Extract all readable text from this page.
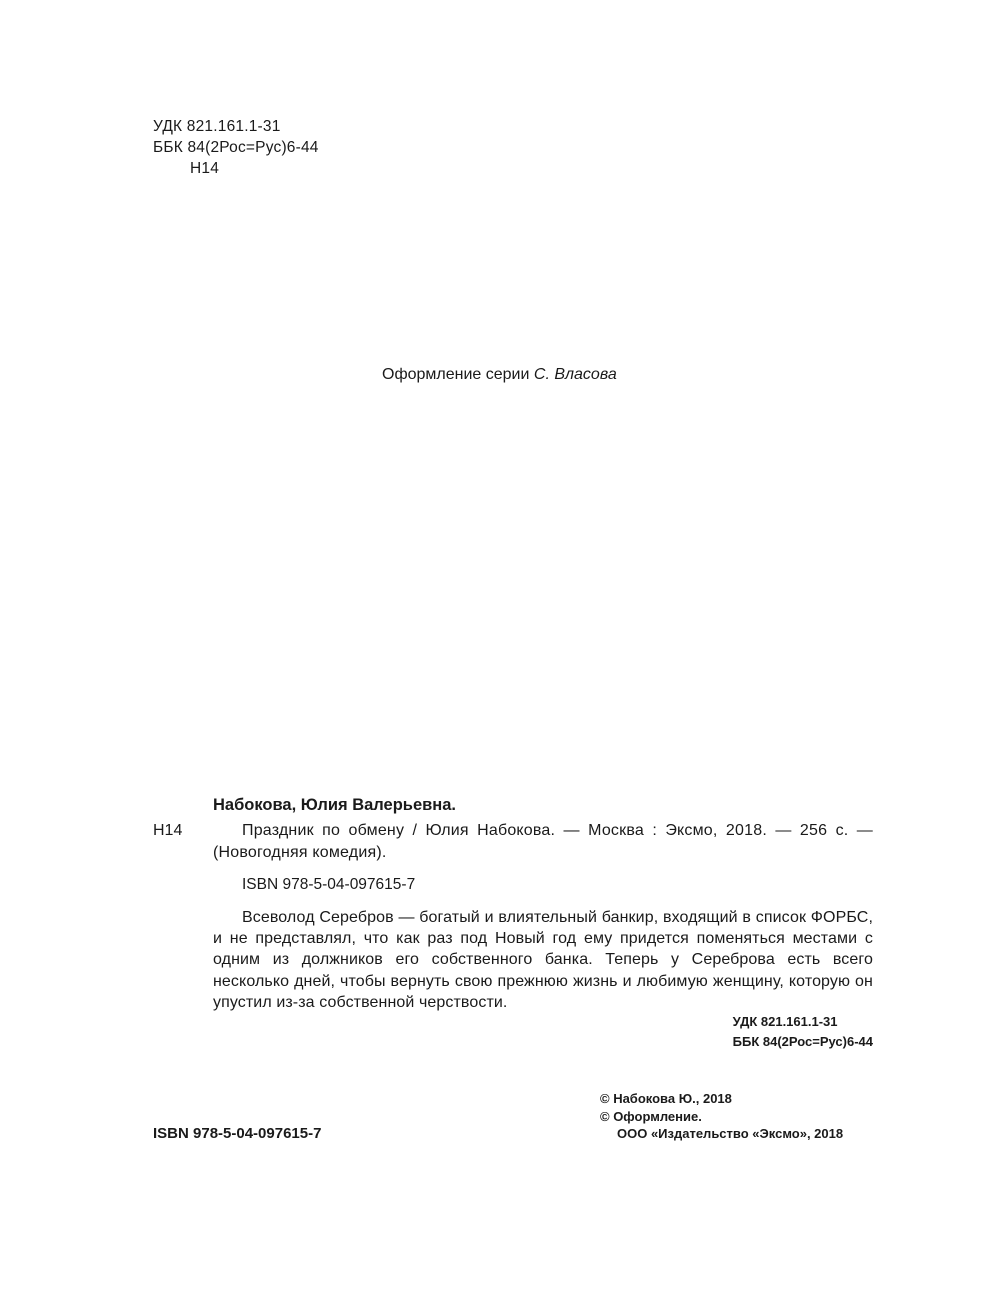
УДК 821.161.1-31
ББК 84(2Рос=Рус)6-44
Н14
Оформление серии С. Власова
Набокова, Юлия Валерьевна.
Н14	Праздник по обмену / Юлия Набокова. — Москва : Эксмо, 2018. — 256 с. — (Новогодняя комедия).
ISBN 978-5-04-097615-7
Всеволод Серебров — богатый и влиятельный банкир, входящий в список ФОРБС, и не представлял, что как раз под Новый год ему придется поменяться местами с одним из должников его собственного банка. Теперь у Сереброва есть всего несколько дней, чтобы вернуть свою прежнюю жизнь и любимую женщину, которую он упустил из-за собственной черствости.
УДК 821.161.1-31
ББК 84(2Рос=Рус)6-44
© Набокова Ю., 2018
© Оформление.
ООО «Издательство «Эксмо», 2018
ISBN 978-5-04-097615-7
